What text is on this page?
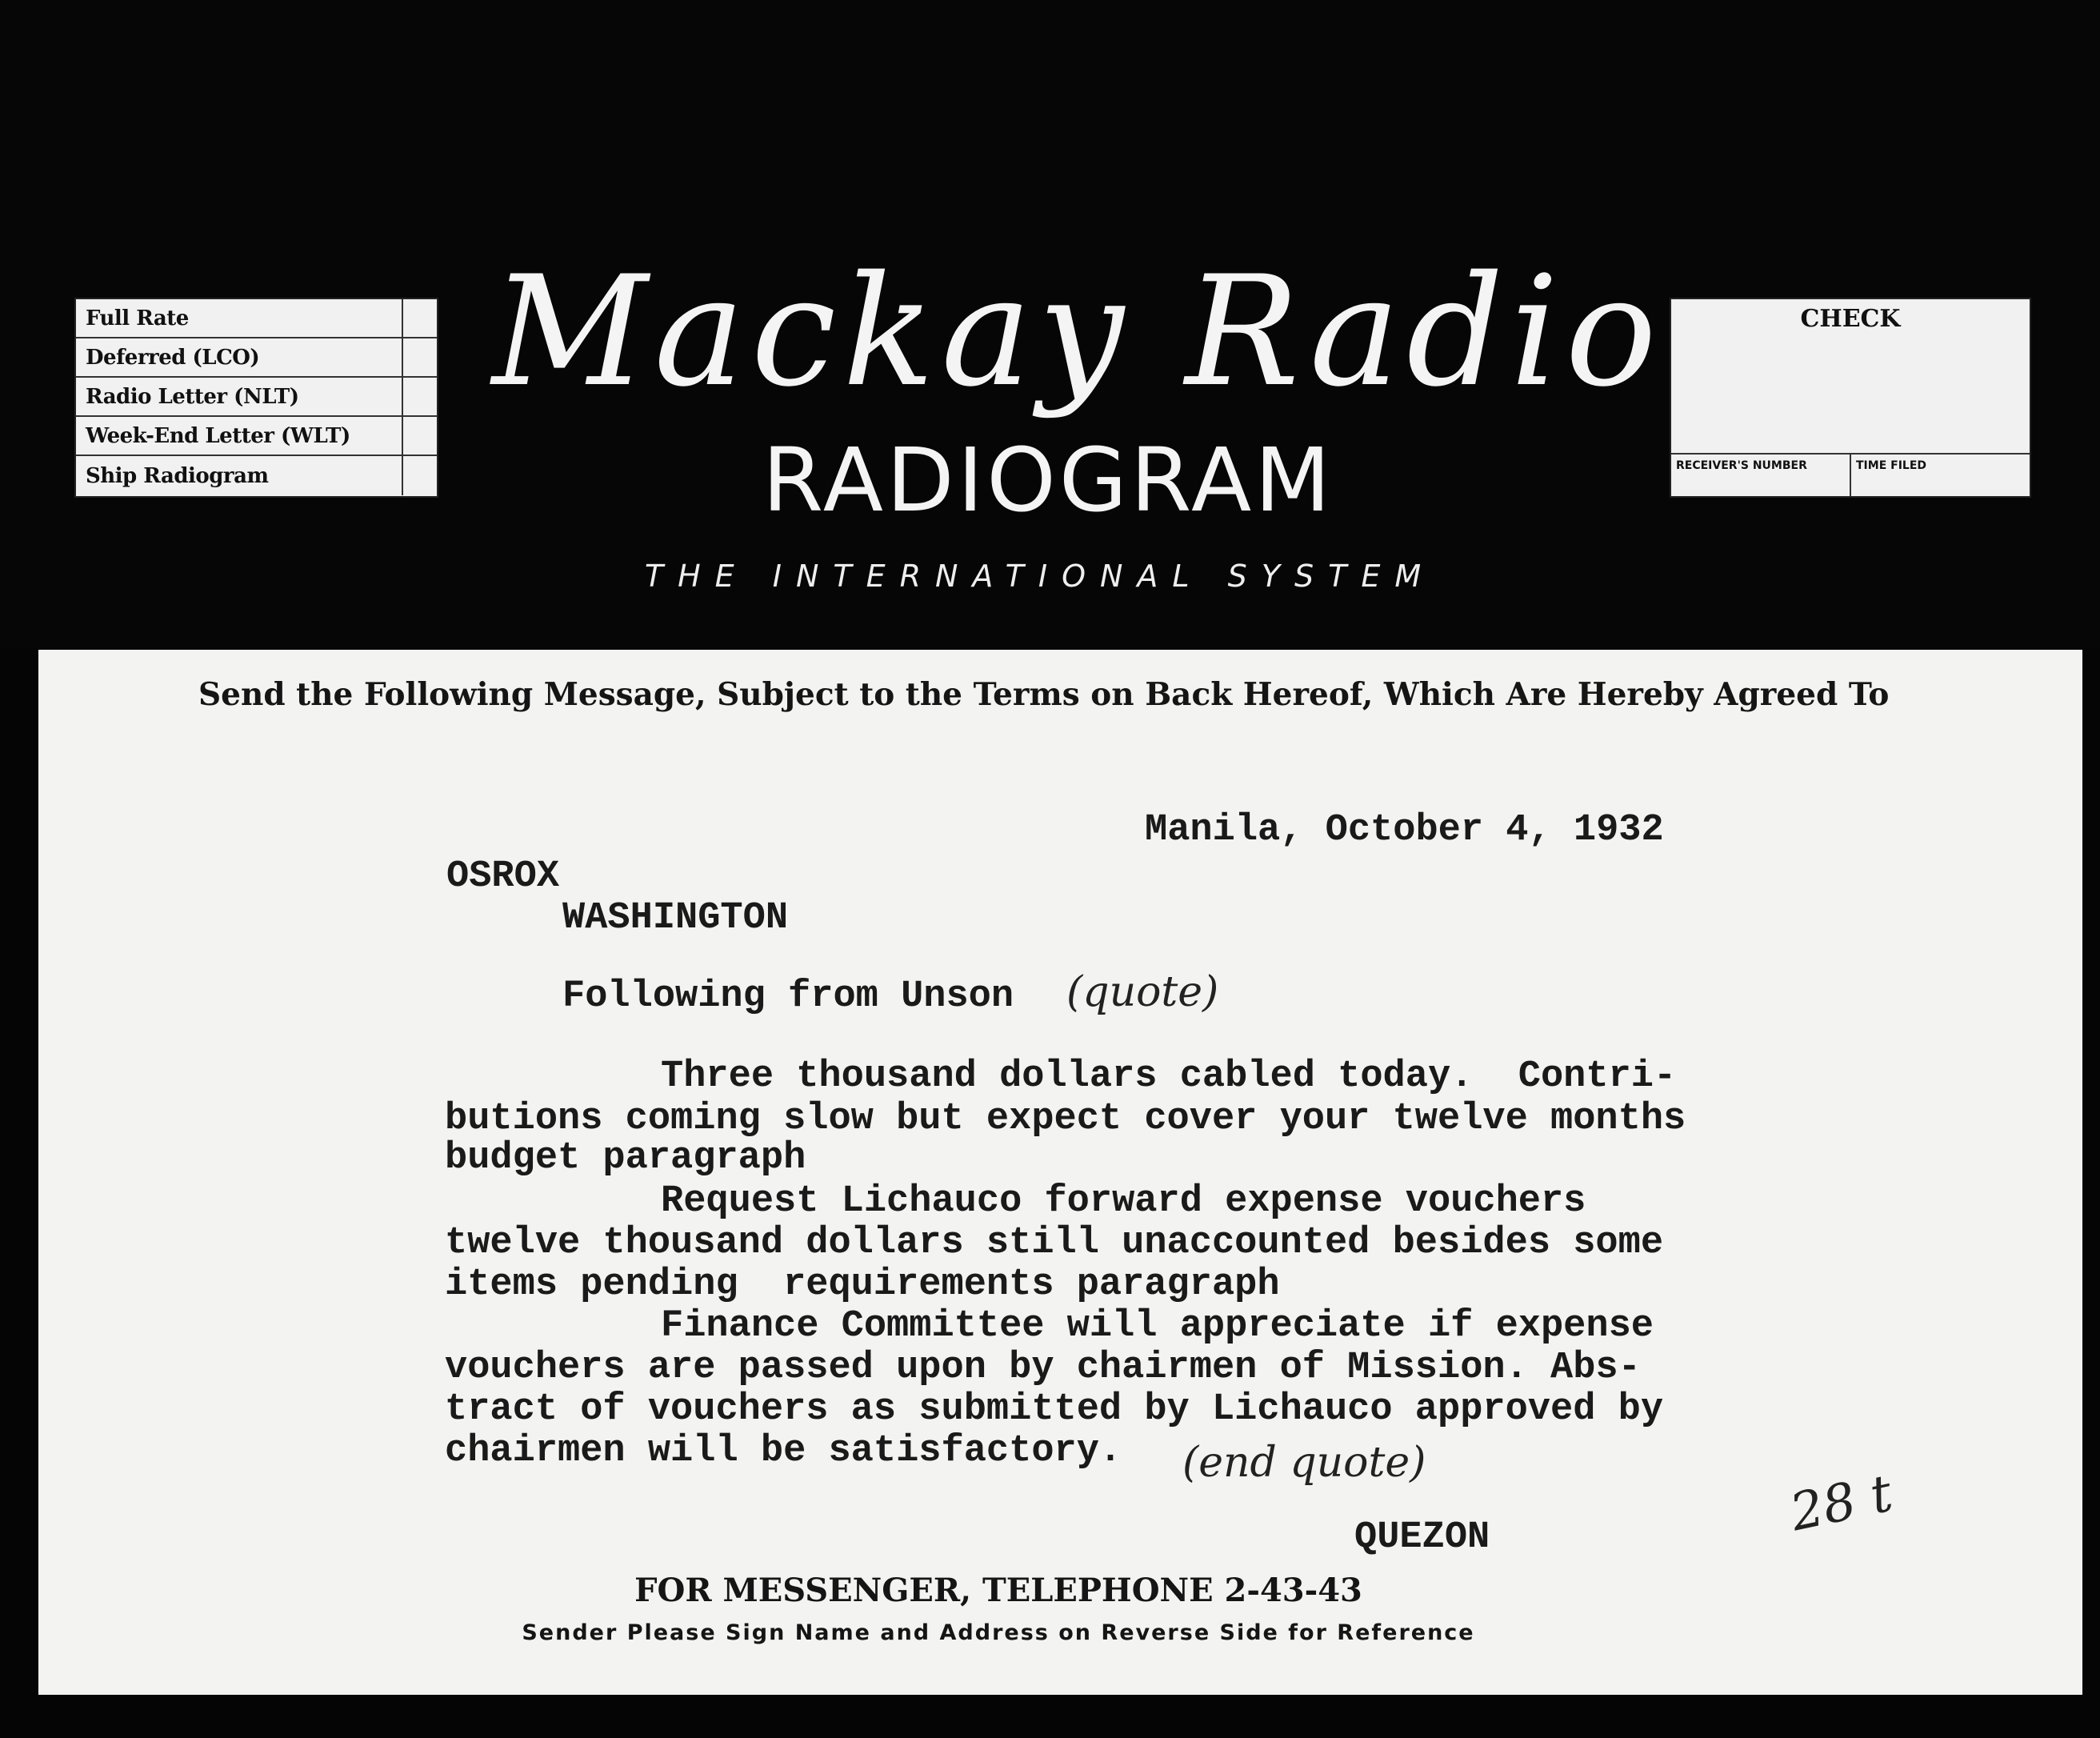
Full Rate
Deferred (LCO)
Radio Letter (NLT)
Week-End Letter (WLT)
Ship Radiogram
Mackay Radio
RADIOGRAM
THE INTERNATIONAL SYSTEM
CHECK
RECEIVER'S NUMBER	TIME FILED
Send the Following Message, Subject to the Terms on Back Hereof, Which Are Hereby Agreed To
Manila, October 4, 1932
OSROX
WASHINGTON
Following from Unson (quote)
Three thousand dollars cabled today.  Contri-
butions coming slow but expect cover your twelve months
budget paragraph
Request Lichauco forward expense vouchers
twelve thousand dollars still unaccounted besides some
items pending  requirements paragraph
Finance Committee will appreciate if expense
vouchers are passed upon by chairmen of Mission. Abs-
tract of vouchers as submitted by Lichauco approved by
chairmen will be satisfactory. (end quote)
QUEZON	28 t
FOR MESSENGER, TELEPHONE 2-43-43
Sender Please Sign Name and Address on Reverse Side for Reference
